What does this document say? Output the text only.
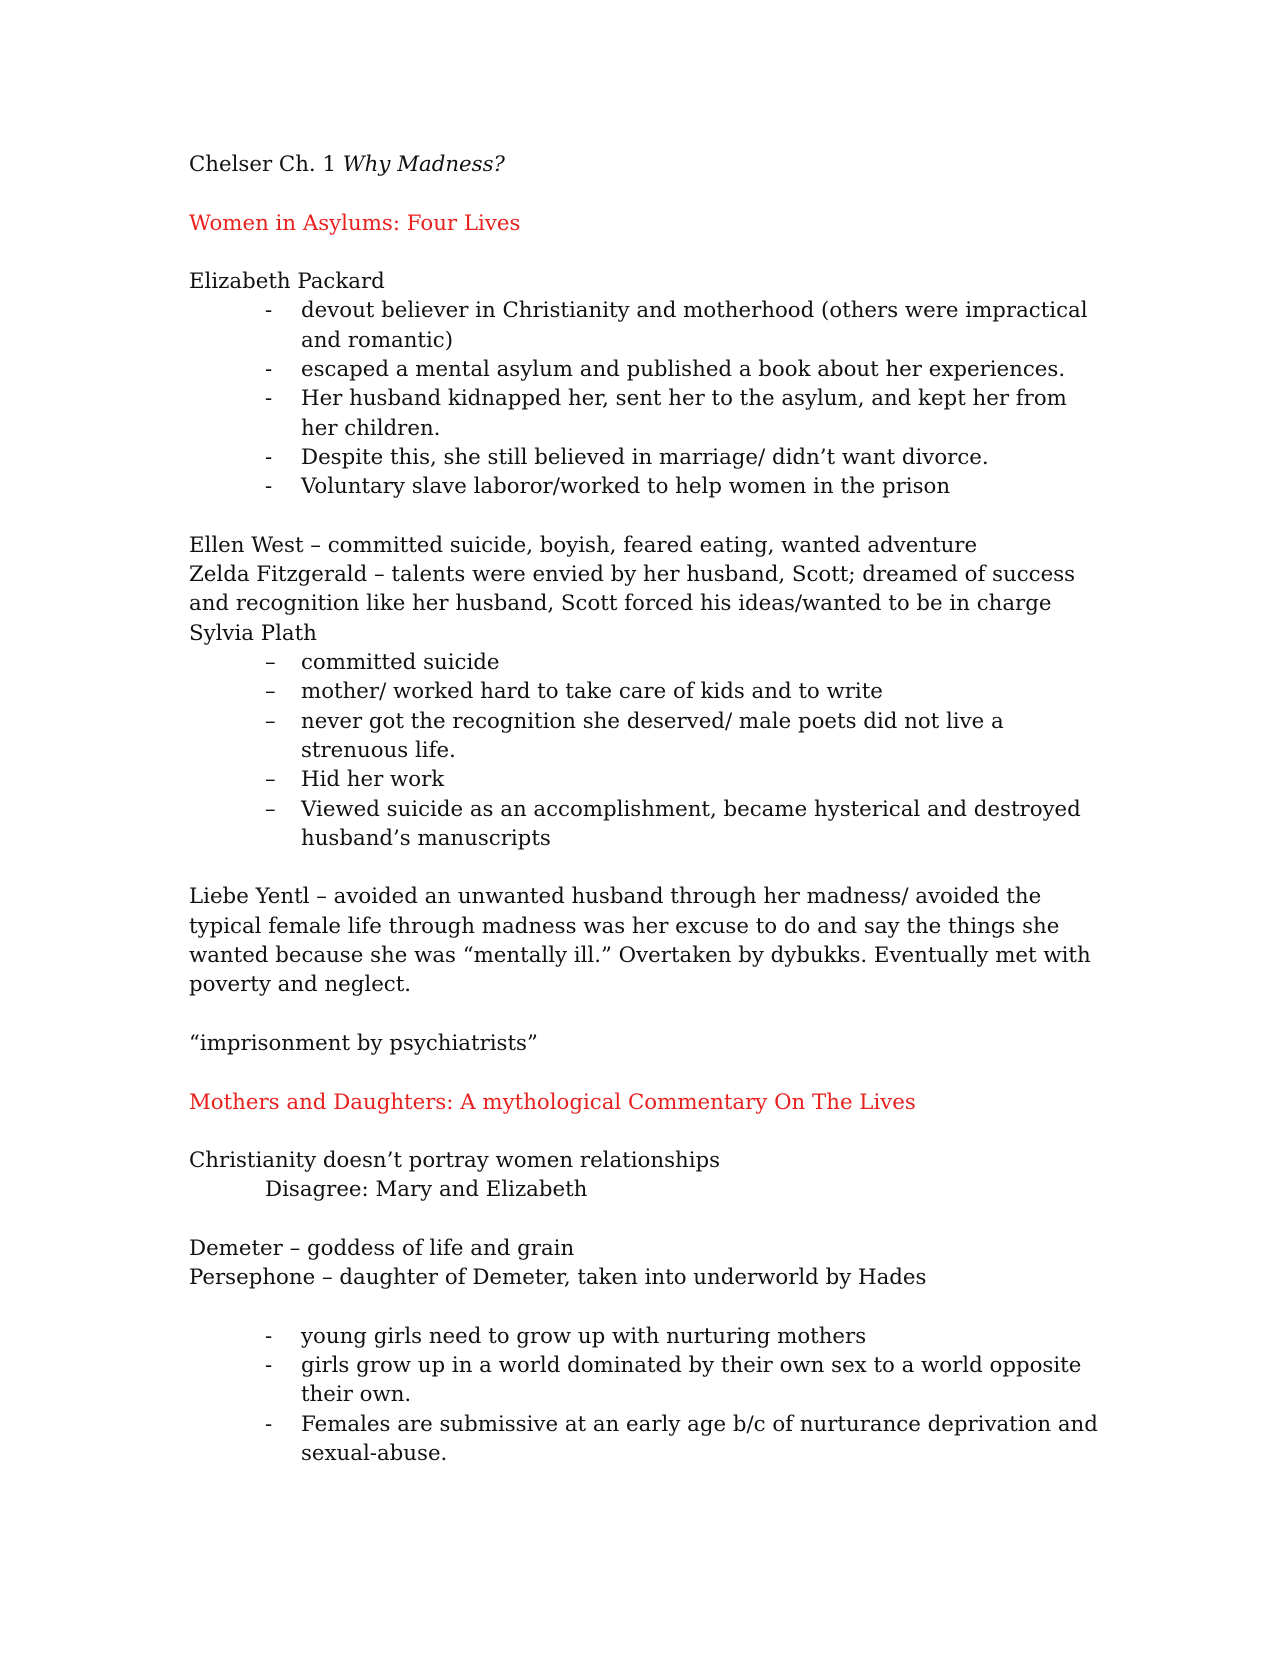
Chelser Ch. 1 Why Madness?

Women in Asylums: Four Lives

Elizabeth Packard

- devout believer in Christianity and motherhood (others were impractical
and romantic)
- escaped a mental asylum and published a book about her experiences.
- Her husband kidnapped her, sent her to the asylum, and kept her from
her children.
- Despite this, she still believed in marriage/ didn’t want divorce.
- Voluntary slave laboror/worked to help women in the prison

Ellen West – committed suicide, boyish, feared eating, wanted adventure

Zelda Fitzgerald – talents were envied by her husband, Scott; dreamed of success

and recognition like her husband, Scott forced his ideas/wanted to be in charge

Sylvia Plath

– committed suicide
– mother/ worked hard to take care of kids and to write
– never got the recognition she deserved/ male poets did not live a
strenuous life.
– Hid her work
– Viewed suicide as an accomplishment, became hysterical and destroyed
husband’s manuscripts

Liebe Yentl – avoided an unwanted husband through her madness/ avoided the

typical female life through madness was her excuse to do and say the things she

wanted because she was “mentally ill.” Overtaken by dybukks. Eventually met with

poverty and neglect.

“imprisonment by psychiatrists”

Mothers and Daughters: A mythological Commentary On The Lives

Christianity doesn’t portray women relationships

Disagree: Mary and Elizabeth

Demeter – goddess of life and grain

Persephone – daughter of Demeter, taken into underworld by Hades

- young girls need to grow up with nurturing mothers
- girls grow up in a world dominated by their own sex to a world opposite
their own.
- Females are submissive at an early age b/c of nurturance deprivation and
sexual-abuse.
